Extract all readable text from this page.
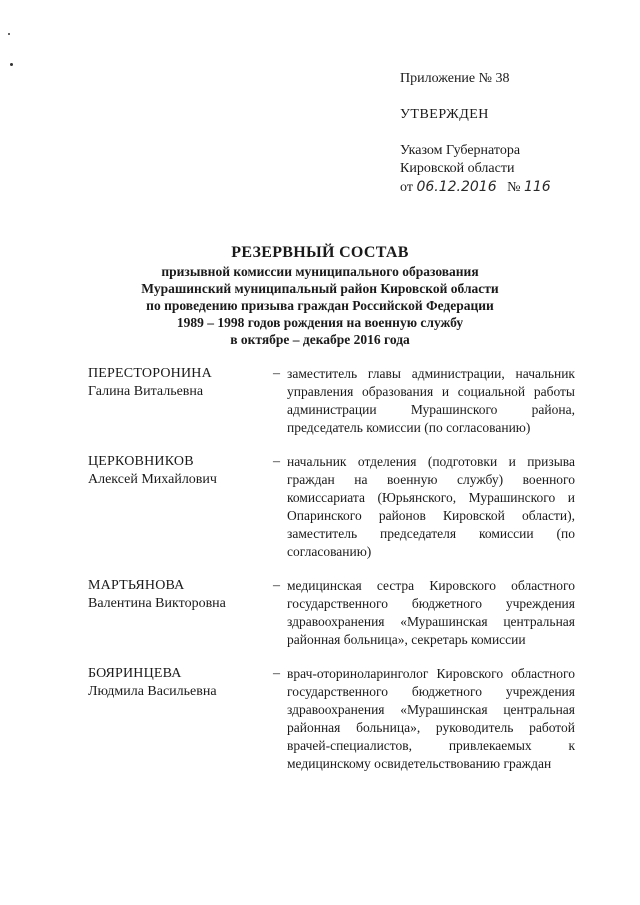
Приложение № 38
УТВЕРЖДЕН
Указом Губернатора
Кировской области
от 06.12.2016 № 116
РЕЗЕРВНЫЙ СОСТАВ
призывной комиссии муниципального образования
Мурашинский муниципальный район Кировской области
по проведению призыва граждан Российской Федерации
1989 – 1998 годов рождения на военную службу
в октябре – декабре 2016 года
ПЕРЕСТОРОНИНА
Галина Витальевна
– заместитель главы администрации, начальник управления образования и социальной работы администрации Мурашинского района, председатель комиссии (по согласованию)
ЦЕРКОВНИКОВ
Алексей Михайлович
– начальник отделения (подготовки и призыва граждан на военную службу) военного комиссариата (Юрьянского, Мурашинского и Опаринского районов Кировской области), заместитель председателя комиссии (по согласованию)
МАРТЬЯНОВА
Валентина Викторовна
– медицинская сестра Кировского областного государственного бюджетного учреждения здравоохранения «Мурашинская центральная районная больница», секретарь комиссии
БОЯРИНЦЕВА
Людмила Васильевна
– врач-оториноларинголог Кировского областного государственного бюджетного учреждения здравоохранения «Мурашинская центральная районная больница», руководитель работой врачей-специалистов, привлекаемых к медицинскому освидетельствованию граждан
